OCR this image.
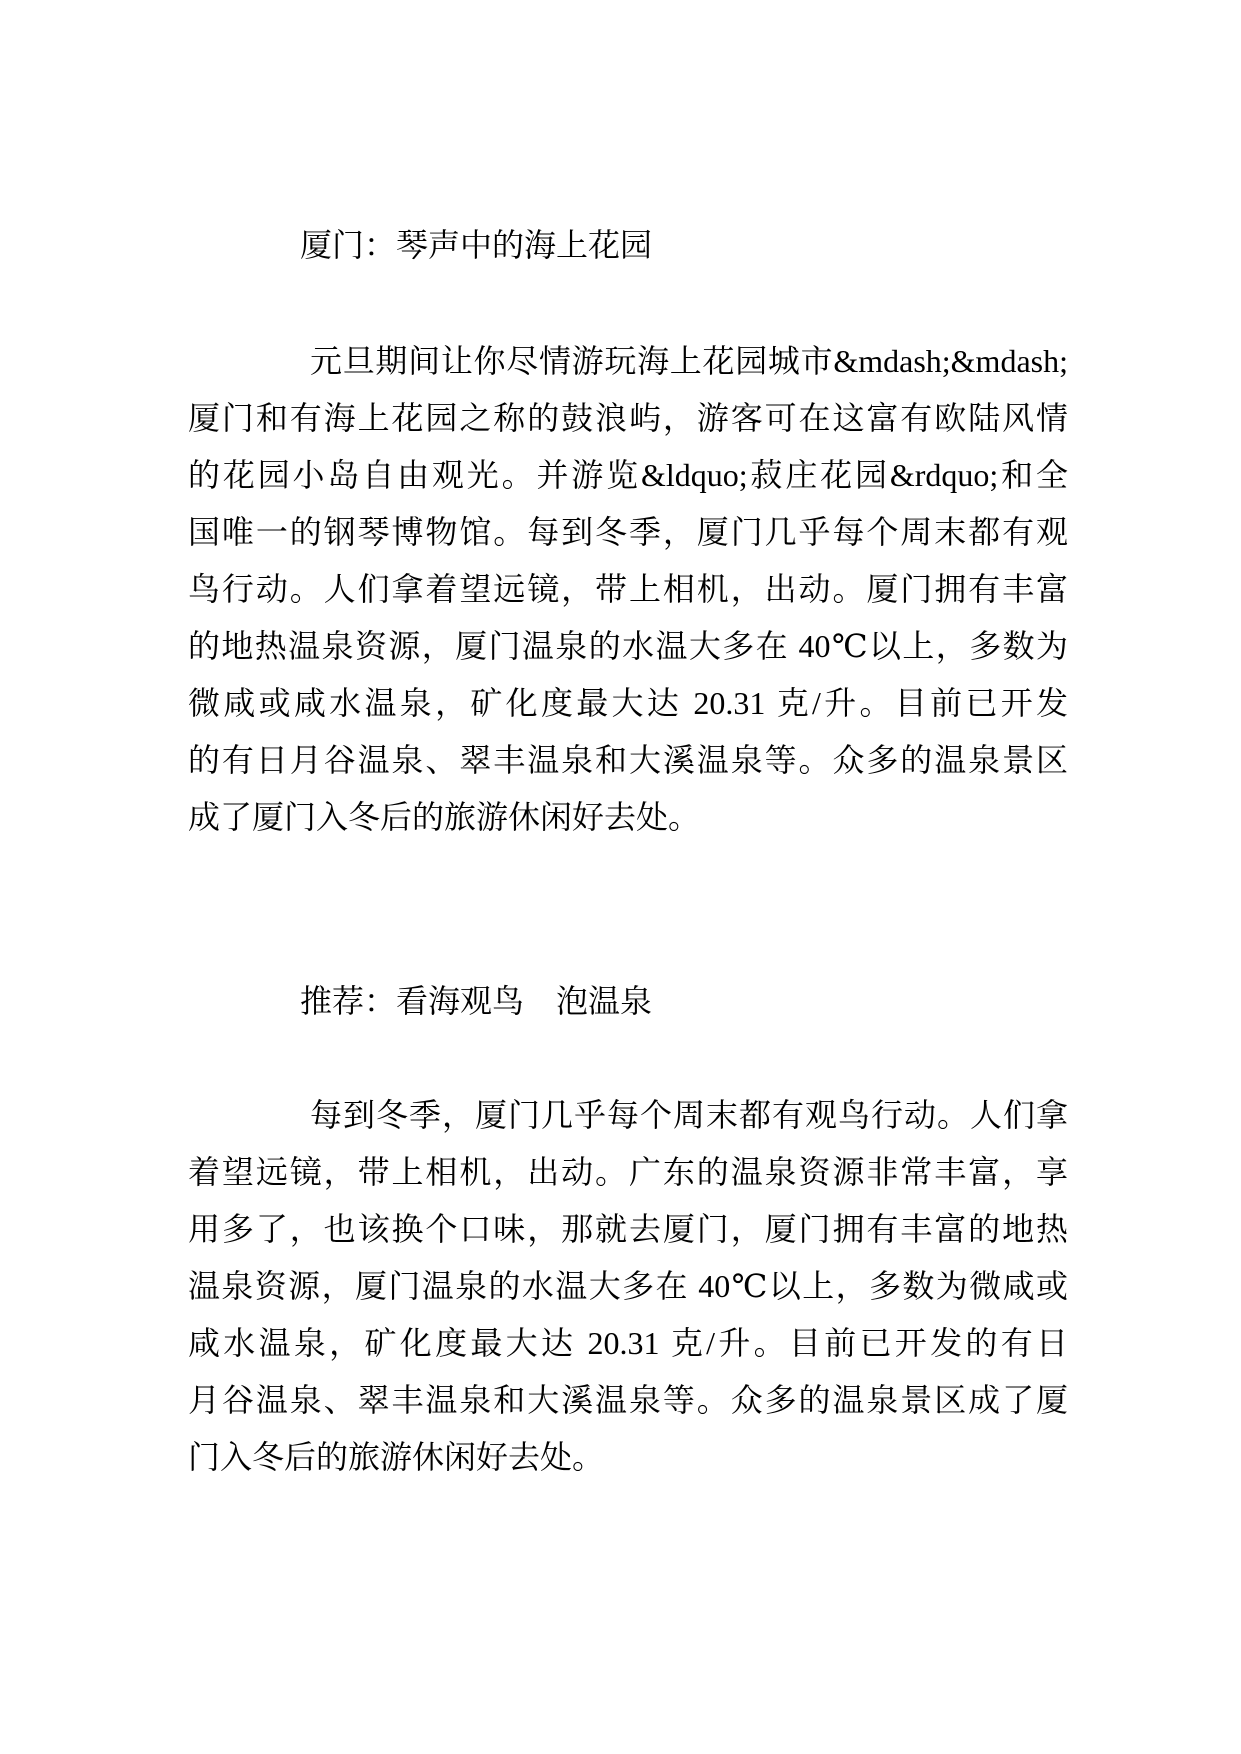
厦门：琴声中的海上花园
元旦期间让你尽情游玩海上花园城市&mdash;&mdash;
厦门和有海上花园之称的鼓浪屿，游客可在这富有欧陆风情
的花园小岛自由观光。并游览&ldquo;菽庄花园&rdquo;和全
国唯一的钢琴博物馆。每到冬季，厦门几乎每个周末都有观
鸟行动。人们拿着望远镜，带上相机，出动。厦门拥有丰富
的地热温泉资源，厦门温泉的水温大多在 40℃以上，多数为
微咸或咸水温泉，矿化度最大达 20.31 克/升。目前已开发
的有日月谷温泉、翠丰温泉和大溪温泉等。众多的温泉景区
成了厦门入冬后的旅游休闲好去处。
推荐：看海观鸟　泡温泉
每到冬季，厦门几乎每个周末都有观鸟行动。人们拿
着望远镜，带上相机，出动。广东的温泉资源非常丰富，享
用多了，也该换个口味，那就去厦门，厦门拥有丰富的地热
温泉资源，厦门温泉的水温大多在 40℃以上，多数为微咸或
咸水温泉，矿化度最大达 20.31 克/升。目前已开发的有日
月谷温泉、翠丰温泉和大溪温泉等。众多的温泉景区成了厦
门入冬后的旅游休闲好去处。
